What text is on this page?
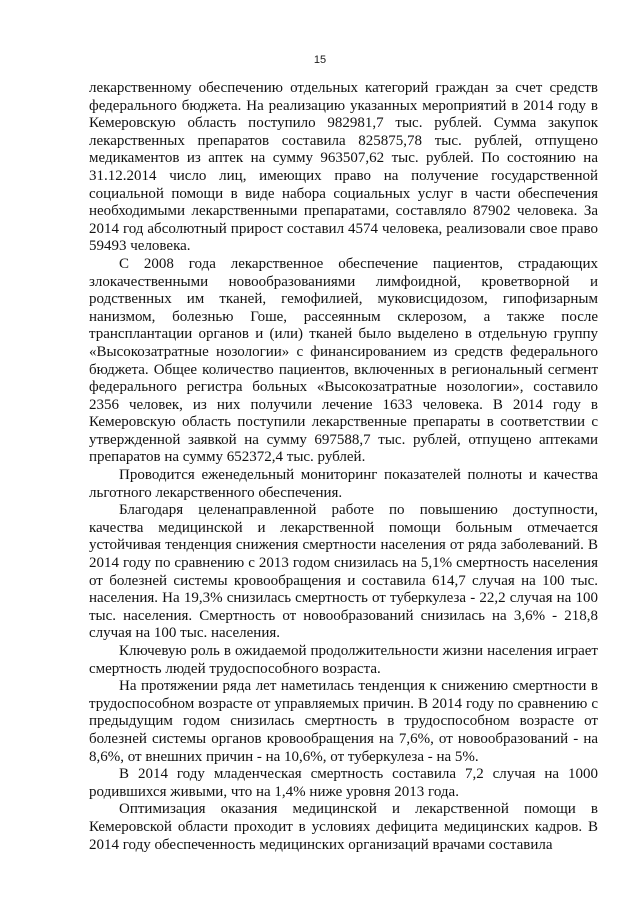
15

лекарственному обеспечению отдельных категорий граждан за счет средств федерального бюджета. На реализацию указанных мероприятий в 2014 году в Кемеровскую область поступило 982981,7 тыс. рублей. Сумма закупок лекарственных препаратов составила 825875,78 тыс. рублей, отпущено медикаментов из аптек на сумму 963507,62 тыс. рублей. По состоянию на 31.12.2014 число лиц, имеющих право на получение государственной социальной помощи в виде набора социальных услуг в части обеспечения необходимыми лекарственными препаратами, составляло 87902 человека. За 2014 год абсолютный прирост составил 4574 человека, реализовали свое право 59493 человека.

С 2008 года лекарственное обеспечение пациентов, страдающих злокачественными новообразованиями лимфоидной, кроветворной и родственных им тканей, гемофилией, муковисцидозом, гипофизарным нанизмом, болезнью Гоше, рассеянным склерозом, а также после трансплантации органов и (или) тканей было выделено в отдельную группу «Высокозатратные нозологии» с финансированием из средств федерального бюджета. Общее количество пациентов, включенных в региональный сегмент федерального регистра больных «Высокозатратные нозологии», составило 2356 человек, из них получили лечение 1633 человека. В 2014 году в Кемеровскую область поступили лекарственные препараты в соответствии с утвержденной заявкой на сумму 697588,7 тыс. рублей, отпущено аптеками препаратов на сумму 652372,4 тыс. рублей.

Проводится еженедельный мониторинг показателей полноты и качества льготного лекарственного обеспечения.

Благодаря целенаправленной работе по повышению доступности, качества медицинской и лекарственной помощи больным отмечается устойчивая тенденция снижения смертности населения от ряда заболеваний. В 2014 году по сравнению с 2013 годом снизилась на 5,1% смертность населения от болезней системы кровообращения и составила 614,7 случая на 100 тыс. населения. На 19,3% снизилась смертность от туберкулеза - 22,2 случая на 100 тыс. населения. Смертность от новообразований снизилась на 3,6% - 218,8 случая на 100 тыс. населения.

Ключевую роль в ожидаемой продолжительности жизни населения играет смертность людей трудоспособного возраста.

На протяжении ряда лет наметилась тенденция к снижению смертности в трудоспособном возрасте от управляемых причин. В 2014 году по сравнению с предыдущим годом снизилась смертность в трудоспособном возрасте от болезней системы органов кровообращения на 7,6%, от новообразований - на 8,6%, от внешних причин - на 10,6%, от туберкулеза - на 5%.

В 2014 году младенческая смертность составила 7,2 случая на 1000 родившихся живыми, что на 1,4% ниже уровня 2013 года.

Оптимизация оказания медицинской и лекарственной помощи в Кемеровской области проходит в условиях дефицита медицинских кадров. В 2014 году обеспеченность медицинских организаций врачами составила
